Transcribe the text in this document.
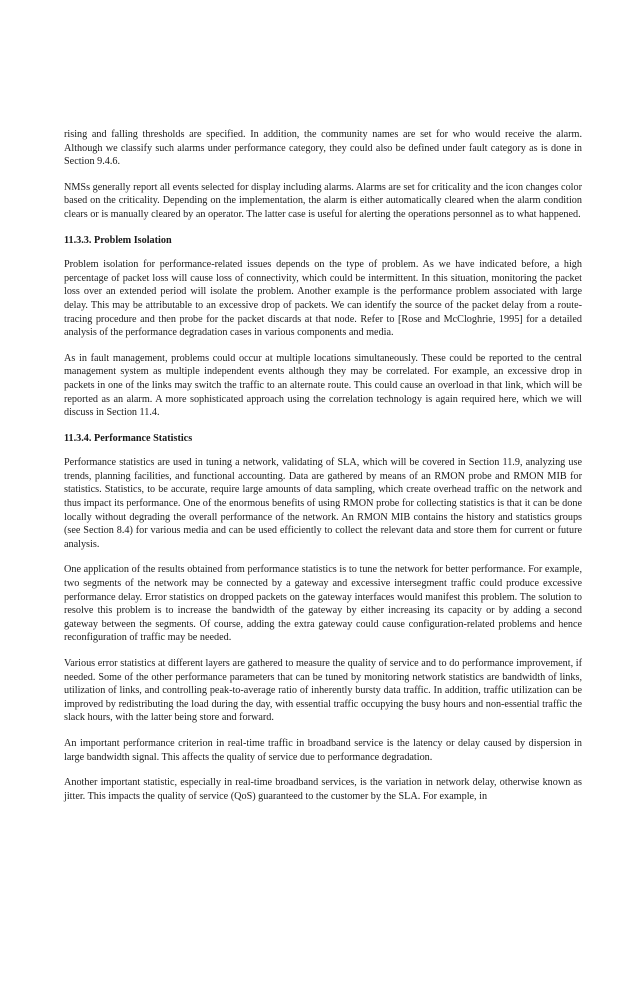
rising and falling thresholds are specified. In addition, the community names are set for who would receive the alarm. Although we classify such alarms under performance category, they could also be defined under fault category as is done in Section 9.4.6.

NMSs generally report all events selected for display including alarms. Alarms are set for criticality and the icon changes color based on the criticality. Depending on the implementation, the alarm is either automatically cleared when the alarm condition clears or is manually cleared by an operator. The latter case is useful for alerting the operations personnel as to what happened.

11.3.3. Problem Isolation

Problem isolation for performance-related issues depends on the type of problem. As we have indicated before, a high percentage of packet loss will cause loss of connectivity, which could be intermittent. In this situation, monitoring the packet loss over an extended period will isolate the problem. Another example is the performance problem associated with large delay. This may be attributable to an excessive drop of packets. We can identify the source of the packet delay from a route-tracing procedure and then probe for the packet discards at that node. Refer to [Rose and McCloghrie, 1995] for a detailed analysis of the performance degradation cases in various components and media.

As in fault management, problems could occur at multiple locations simultaneously. These could be reported to the central management system as multiple independent events although they may be correlated. For example, an excessive drop in packets in one of the links may switch the traffic to an alternate route. This could cause an overload in that link, which will be reported as an alarm. A more sophisticated approach using the correlation technology is again required here, which we will discuss in Section 11.4.

11.3.4. Performance Statistics

Performance statistics are used in tuning a network, validating of SLA, which will be covered in Section 11.9, analyzing use trends, planning facilities, and functional accounting. Data are gathered by means of an RMON probe and RMON MIB for statistics. Statistics, to be accurate, require large amounts of data sampling, which create overhead traffic on the network and thus impact its performance. One of the enormous benefits of using RMON probe for collecting statistics is that it can be done locally without degrading the overall performance of the network. An RMON MIB contains the history and statistics groups (see Section 8.4) for various media and can be used efficiently to collect the relevant data and store them for current or future analysis.

One application of the results obtained from performance statistics is to tune the network for better performance. For example, two segments of the network may be connected by a gateway and excessive intersegment traffic could produce excessive performance delay. Error statistics on dropped packets on the gateway interfaces would manifest this problem. The solution to resolve this problem is to increase the bandwidth of the gateway by either increasing its capacity or by adding a second gateway between the segments. Of course, adding the extra gateway could cause configuration-related problems and hence reconfiguration of traffic may be needed.

Various error statistics at different layers are gathered to measure the quality of service and to do performance improvement, if needed. Some of the other performance parameters that can be tuned by monitoring network statistics are bandwidth of links, utilization of links, and controlling peak-to-average ratio of inherently bursty data traffic. In addition, traffic utilization can be improved by redistributing the load during the day, with essential traffic occupying the busy hours and non-essential traffic the slack hours, with the latter being store and forward.

An important performance criterion in real-time traffic in broadband service is the latency or delay caused by dispersion in large bandwidth signal. This affects the quality of service due to performance degradation.

Another important statistic, especially in real-time broadband services, is the variation in network delay, otherwise known as jitter. This impacts the quality of service (QoS) guaranteed to the customer by the SLA. For example, in
